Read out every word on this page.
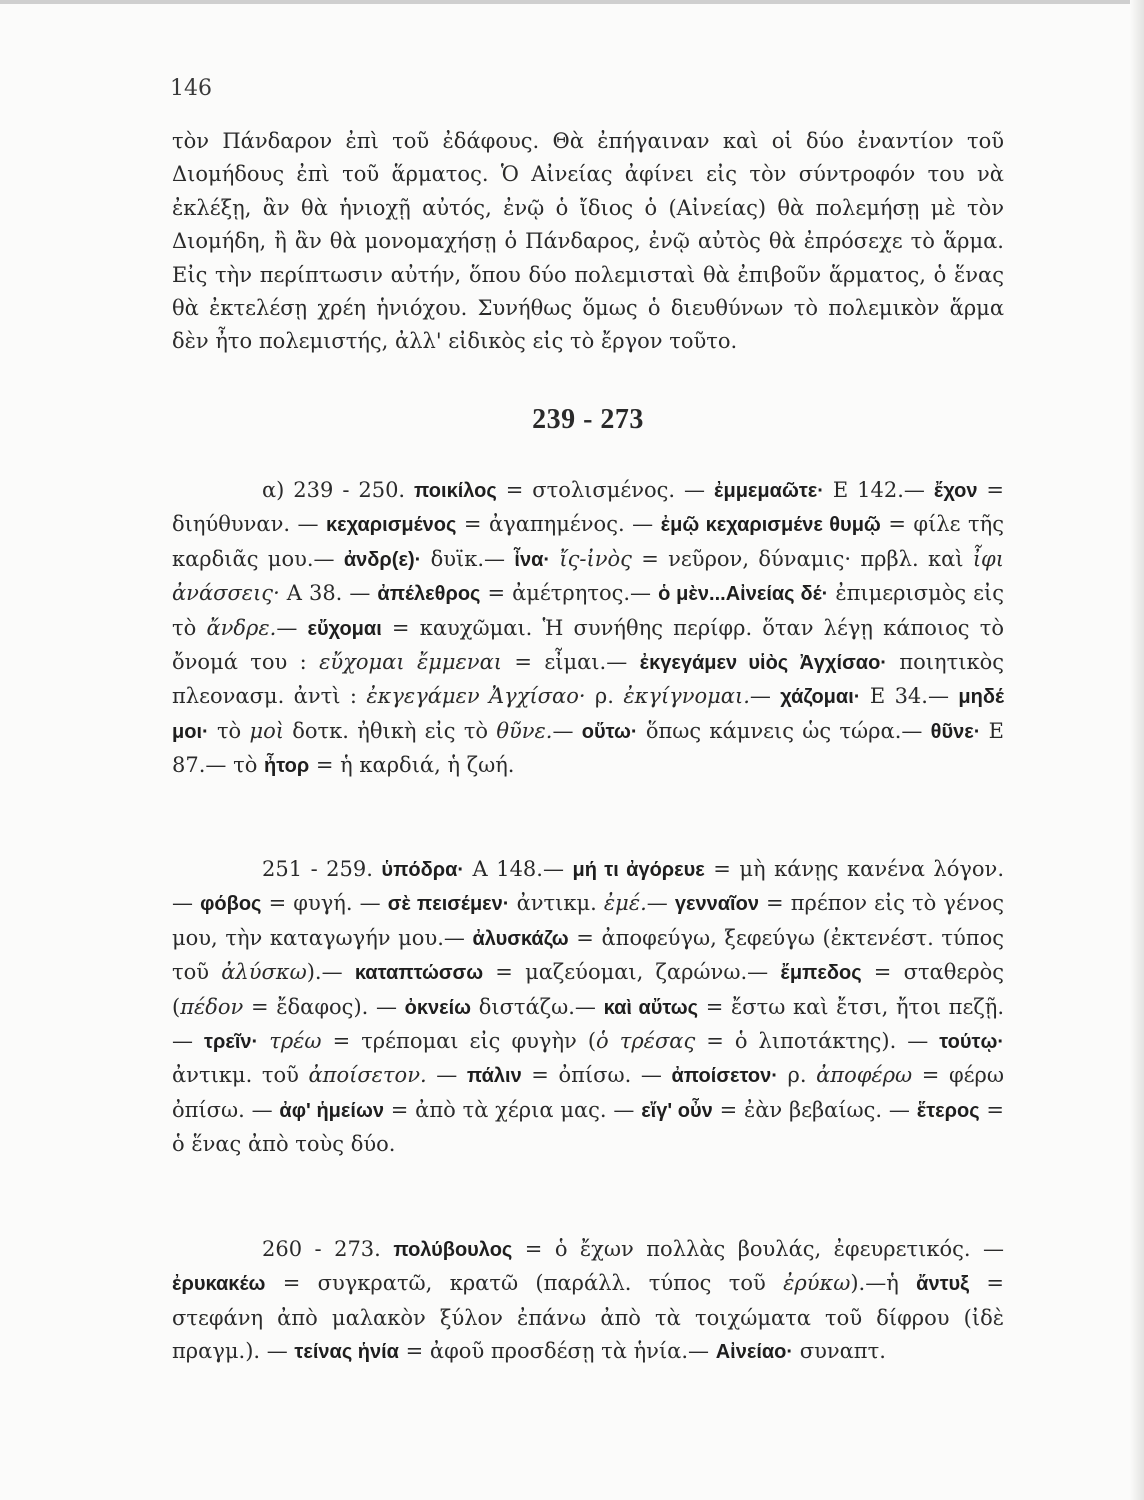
146

τὸν Πάνδαρον ἐπὶ τοῦ ἐδάφους. Θὰ ἐπήγαιναν καὶ οἱ δύο ἐναντίον τοῦ Διομήδους ἐπὶ τοῦ ἅρματος. Ὁ Αἰνείας ἀφίνει εἰς τὸν σύντροφόν του νὰ ἐκλέξῃ, ἂν θὰ ἡνιοχῇ αὐτός, ἐνῷ ὁ ἴδιος ὁ (Αἰνείας) θὰ πολεμήσῃ μὲ τὸν Διομήδη, ἢ ἂν θὰ μονομαχήσῃ ὁ Πάνδαρος, ἐνῷ αὐτὸς θὰ ἐπρόσεχε τὸ ἅρμα. Εἰς τὴν περίπτωσιν αὐτήν, ὅπου δύο πολεμισταὶ θὰ ἐπιβοῦν ἅρματος, ὁ ἕνας θὰ ἐκτελέσῃ χρέη ἡνιόχου. Συνήθως ὅμως ὁ διευθύνων τὸ πολεμικὸν ἅρμα δὲν ἦτο πολεμιστής, ἀλλ' εἰδικὸς εἰς τὸ ἔργον τοῦτο.

239 - 273

α) 239 - 250. ποικίλος = στολισμένος. — ἐμμεμαῶτε· Ε 142.— ἔχον = διηύθυναν. — κεχαρισμένος = ἀγαπημένος. — ἐμῷ κεχαρισμένε θυμῷ = φίλε τῆς καρδιᾶς μου.— ἀνδρ(ε)· δυϊκ.— ἶνα· ἴς-ἰνὸς = νεῦρον, δύναμις· πρβλ. καὶ ἶφι ἀνάσσεις· Α 38. — ἀπέλεθρος = ἀμέτρητος.— ὁ μὲν...Αἰνείας δέ· ἐπιμερισμὸς εἰς τὸ ἄνδρε.— εὔχομαι = καυχῶμαι. Ἡ συνήθης περίφρ. ὅταν λέγῃ κάποιος τὸ ὄνομά του : εὔχομαι ἔμμεναι = εἶμαι.— ἐκγεγάμεν υἱὸς Ἀγχίσαο· ποιητικὸς πλεονασμ. ἀντὶ : ἐκγεγάμεν Ἀγχίσαο· ρ. ἐκγίγνομαι.— χάζομαι· Ε 34.— μηδέ μοι· τὸ μοὶ δοτκ. ἠθικὴ εἰς τὸ θῦνε.— οὕτω· ὅπως κάμνεις ὡς τώρα.— θῦνε· Ε 87.— τὸ ἦτορ = ἡ καρδιά, ἡ ζωή.

251 - 259. ὑπόδρα· Α 148.— μή τι ἀγόρευε = μὴ κάνῃς κανένα λόγον. — φόβος = φυγή. — σὲ πεισέμεν· ἀντικμ. ἐμέ.— γενναῖον = πρέπον εἰς τὸ γένος μου, τὴν καταγωγήν μου.— ἀλυσκάζω = ἀποφεύγω, ξεφεύγω (ἐκτενέστ. τύπος τοῦ ἀλύσκω).— καταπτώσσω = μαζεύομαι, ζαρώνω.— ἔμπεδος = σταθερὸς (πέδον = ἔδαφος). — ὀκνείω διστάζω.— καὶ αὔτως = ἔστω καὶ ἔτσι, ἤτοι πεζῇ. — τρεῖν· τρέω = τρέπομαι εἰς φυγὴν (ὁ τρέσας = ὁ λιποτάκτης). — τούτῳ· ἀντικμ. τοῦ ἀποίσετον. — πάλιν = ὀπίσω. — ἀποίσετον· ρ. ἀποφέρω = φέρω ὀπίσω. — ἀφ' ἡμείων = ἀπὸ τὰ χέρια μας. — εἴγ' οὖν = ἐὰν βεβαίως. — ἕτερος = ὁ ἕνας ἀπὸ τοὺς δύο.

260 - 273. πολύβουλος = ὁ ἔχων πολλὰς βουλάς, ἐφευρετικός. — ἐρυκακέω = συγκρατῶ, κρατῶ (παράλλ. τύπος τοῦ ἐρύκω).—ἡ ἄντυξ = στεφάνη ἀπὸ μαλακὸν ξύλον ἐπάνω ἀπὸ τὰ τοιχώματα τοῦ δίφρου (ἰδὲ πραγμ.). — τείνας ἡνία = ἀφοῦ προσδέσῃ τὰ ἡνία.— Αἰνείαο· συναπτ.
